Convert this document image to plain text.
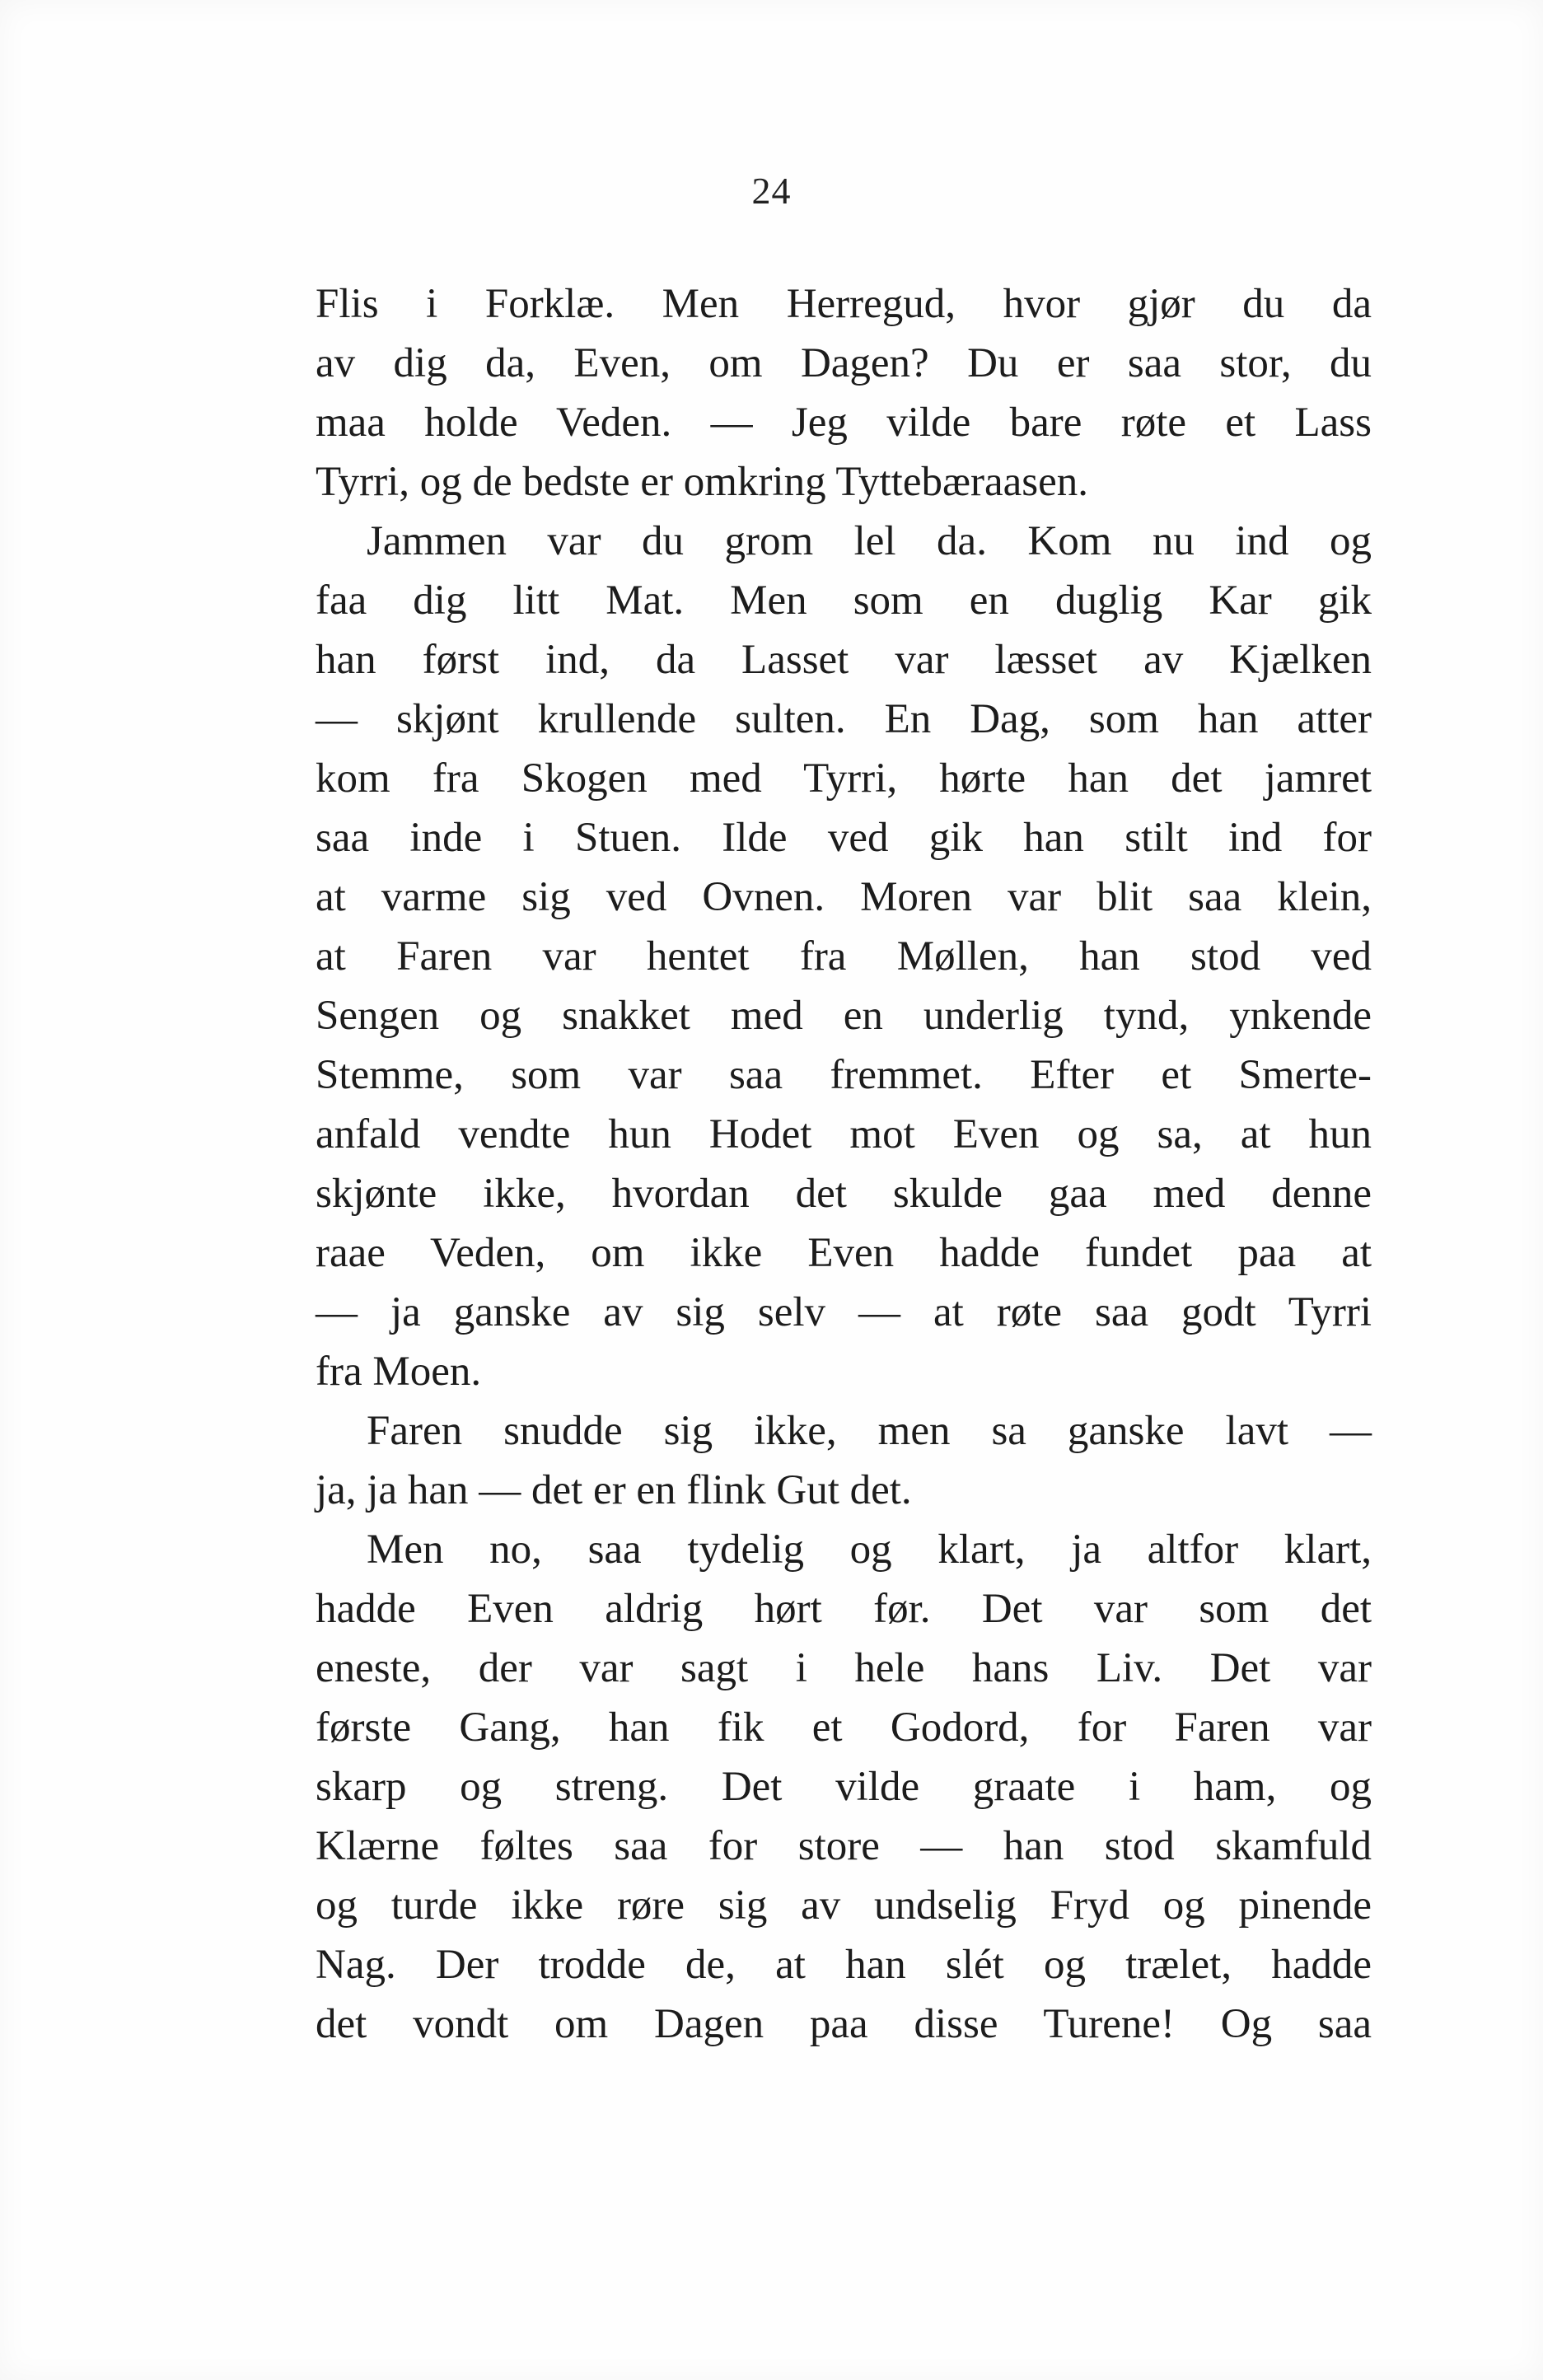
24
Flis i Forklæ. Men Herregud, hvor gjør du da
av dig da, Even, om Dagen? Du er saa stor, du
maa holde Veden. — Jeg vilde bare røte et Lass
Tyrri, og de bedste er omkring Tyttebæraasen.
Jammen var du grom lel da. Kom nu ind og
faa dig litt Mat. Men som en duglig Kar gik
han først ind, da Lasset var læsset av Kjælken
— skjønt krullende sulten. En Dag, som han atter
kom fra Skogen med Tyrri, hørte han det jamret
saa inde i Stuen. Ilde ved gik han stilt ind for
at varme sig ved Ovnen. Moren var blit saa klein,
at Faren var hentet fra Møllen, han stod ved
Sengen og snakket med en underlig tynd, ynkende
Stemme, som var saa fremmet. Efter et Smerte-
anfald vendte hun Hodet mot Even og sa, at hun
skjønte ikke, hvordan det skulde gaa med denne
raae Veden, om ikke Even hadde fundet paa at
— ja ganske av sig selv — at røte saa godt Tyrri
fra Moen.
Faren snudde sig ikke, men sa ganske lavt —
ja, ja han — det er en flink Gut det.
Men no, saa tydelig og klart, ja altfor klart,
hadde Even aldrig hørt før. Det var som det
eneste, der var sagt i hele hans Liv. Det var
første Gang, han fik et Godord, for Faren var
skarp og streng. Det vilde graate i ham, og
Klærne føltes saa for store — han stod skamfuld
og turde ikke røre sig av undselig Fryd og pinende
Nag. Der trodde de, at han slét og trælet, hadde
det vondt om Dagen paa disse Turene! Og saa
